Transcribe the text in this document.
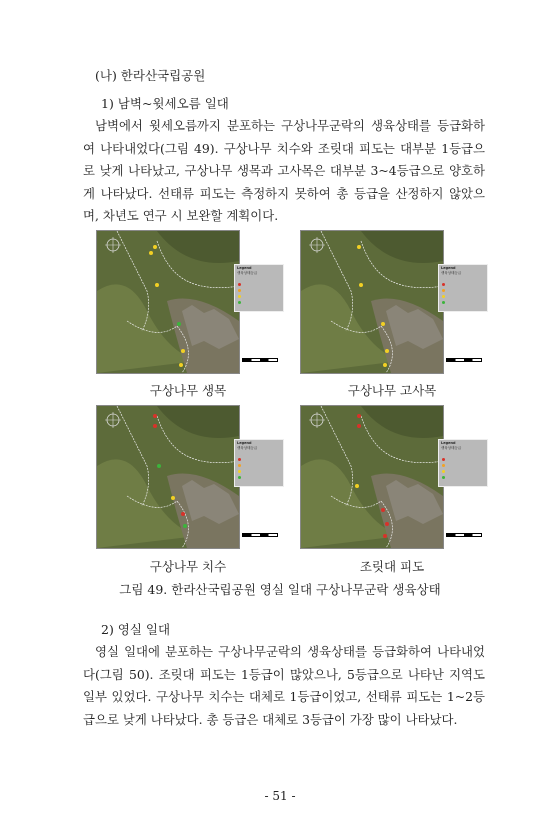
(나) 한라산국립공원
1) 남벽~윗세오름 일대
남벽에서 윗세오름까지 분포하는 구상나무군락의 생육상태를 등급화하여 나타내었다(그림 49). 구상나무 치수와 조릿대 피도는 대부분 1등급으로 낮게 나타났고, 구상나무 생목과 고사목은 대부분 3~4등급으로 양호하게 나타났다. 선태류 피도는 측정하지 못하여 총 등급을 산정하지 않았으며, 차년도 연구 시 보완할 계획이다.
Legend
생육상태등급
구상나무 생목
Legend
생육상태등급
구상나무 고사목
Legend
생육상태등급
구상나무 치수
Legend
생육상태등급
조릿대 피도
그림 49. 한라산국립공원 영실 일대 구상나무군락 생육상태
2) 영실 일대
영실 일대에 분포하는 구상나무군락의 생육상태를 등급화하여 나타내었다(그림 50). 조릿대 피도는 1등급이 많았으나, 5등급으로 나타난 지역도 일부 있었다. 구상나무 치수는 대체로 1등급이었고, 선태류 피도는 1~2등급으로 낮게 나타났다. 총 등급은 대체로 3등급이 가장 많이 나타났다.
- 51 -
